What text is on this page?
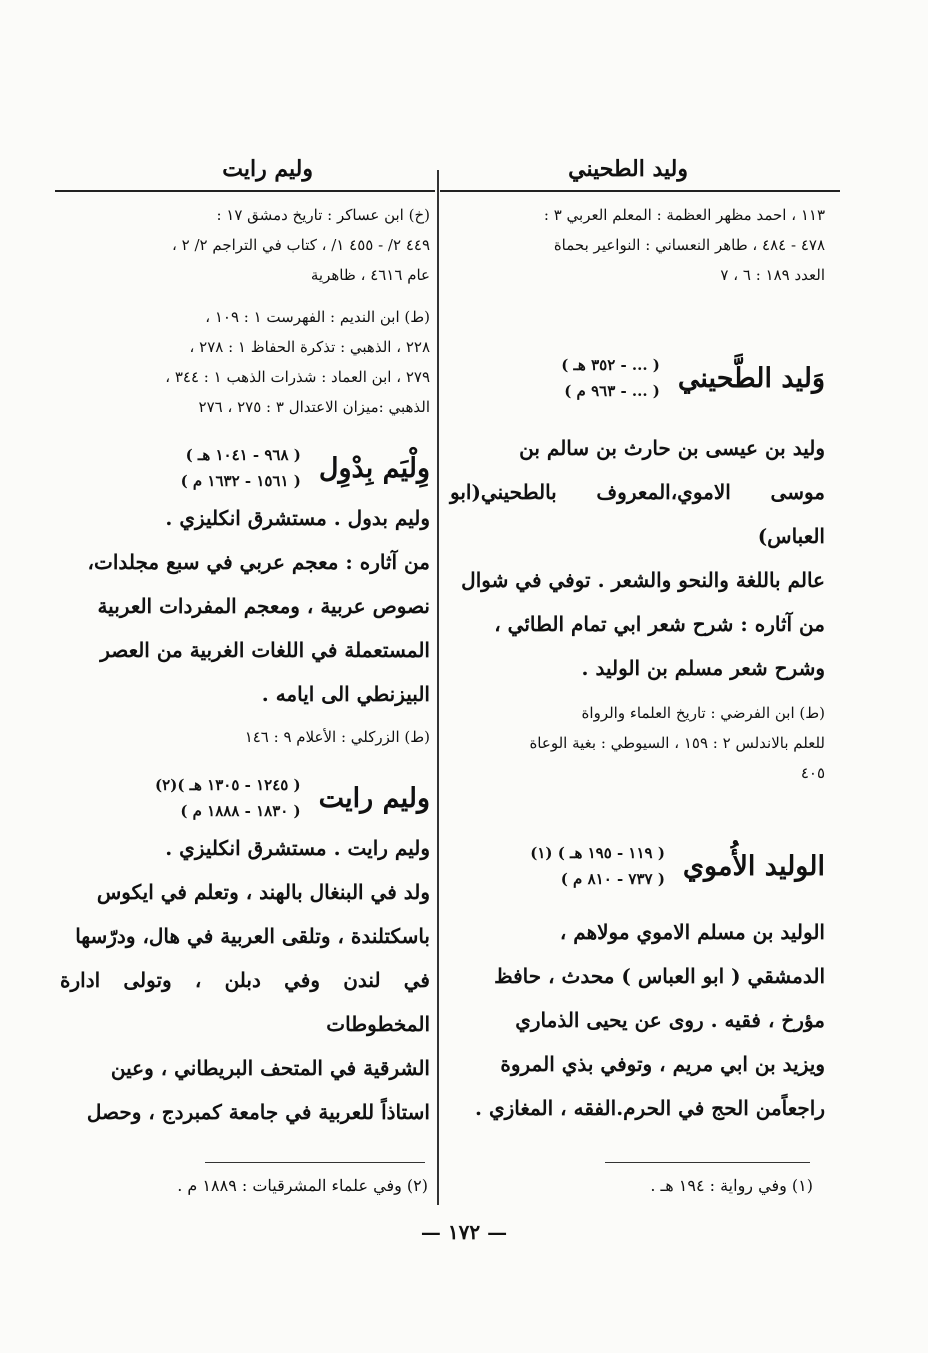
وليد الطحيني
وليم رايت

١١٣ ، احمد مظهر العظمة : المعلم العربي ٣ :

٤٧٨ - ٤٨٤ ، طاهر النعساني : النواعير بحماة

العدد ١٨٩ : ٦ ، ٧

وَليد الطَّحيني
( ... - ٣٥٢ هـ )
( ... - ٩٦٣ م )

وليد بن عيسى بن حارث بن سالم بن

موسى الاموي،المعروف بالطحيني(ابو العباس)

عالم باللغة والنحو والشعر . توفي في شوال

من آثاره : شرح شعر ابي تمام الطائي ،

وشرح شعر مسلم بن الوليد .

(ط) ابن الفرضي : تاريخ العلماء والرواة

للعلم بالاندلس ٢ : ١٥٩ ، السيوطي : بغية الوعاة

٤٠٥

الوليد الأُموي
( ١١٩ - ١٩٥ هـ ) (١)
( ٧٣٧ - ٨١٠ م )

الوليد بن مسلم الاموي مولاهم ،

الدمشقي ( ابو العباس ) محدث ، حافظ

مؤرخ ، فقيه . روى عن يحيى الذماري

ويزيد بن ابي مريم ، وتوفي بذي المروة

راجعاًمن الحج في الحرم.الفقه ، المغازي .

(خ) ابن عساكر : تاريخ دمشق ١٧ :

٤٤٩ ٢/ - ٤٥٥ ١/ ، كتاب في التراجم ٢/ ٢ ،

عام ٤٦١٦ ، ظاهرية

(ط) ابن النديم : الفهرست ١ : ١٠٩ ،

٢٢٨ ، الذهبي : تذكرة الحفاظ ١ : ٢٧٨ ،

٢٧٩ ، ابن العماد : شذرات الذهب ١ : ٣٤٤ ،

الذهبي :ميزان الاعتدال ٣ : ٢٧٥ ، ٢٧٦

وِلْيَم بِدْوِل
( ٩٦٨ - ١٠٤١ هـ )
( ١٥٦١ - ١٦٣٢ م )

وليم بدول . مستشرق انكليزي .

من آثاره : معجم عربي في سبع مجلدات،

نصوص عربية ، ومعجم المفردات العربية

المستعملة في اللغات الغربية من العصر

البيزنطي الى ايامه .

(ط) الزركلي : الأعلام ٩ : ١٤٦

وليم رايت
( ١٢٤٥ - ١٣٠٥ هـ )(٢)
( ١٨٣٠ - ١٨٨٨ م )

وليم رايت . مستشرق انكليزي .

ولد في البنغال بالهند ، وتعلم في ايكوس

باسكتلندة ، وتلقى العربية في هال، ودرّسها

في لندن وفي دبلن ، وتولى ادارة المخطوطات

الشرقية في المتحف البريطاني ، وعين

استاذاً للعربية في جامعة كمبردج ، وحصل

(١) وفي رواية : ١٩٤ هـ .
(٢) وفي علماء المشرقيات : ١٨٨٩ م .
— ١٧٢ —
